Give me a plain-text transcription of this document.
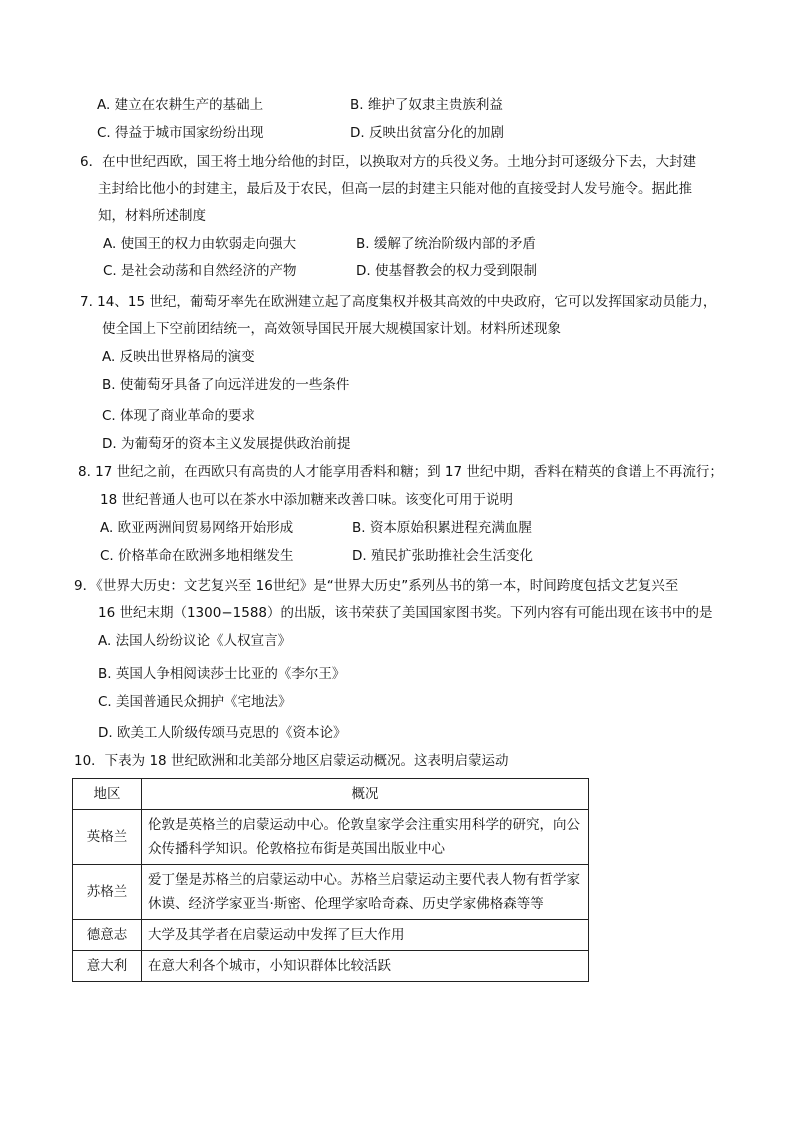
A. 建立在农耕生产的基础上	B. 维护了奴隶主贵族利益
C. 得益于城市国家纷纷出现	D. 反映出贫富分化的加剧
6．在中世纪西欧，国王将土地分给他的封臣，以换取对方的兵役义务。土地分封可逐级分下去，大封建
主封给比他小的封建主，最后及于农民，但高一层的封建主只能对他的直接受封人发号施令。据此推
知，材料所述制度
A. 使国王的权力由软弱走向强大	B. 缓解了统治阶级内部的矛盾
C. 是社会动荡和自然经济的产物	D. 使基督教会的权力受到限制
7. 14、15 世纪，葡萄牙率先在欧洲建立起了高度集权并极其高效的中央政府，它可以发挥国家动员能力，
使全国上下空前团结统一，高效领导国民开展大规模国家计划。材料所述现象
A. 反映出世界格局的演变
B. 使葡萄牙具备了向远洋进发的一些条件
C. 体现了商业革命的要求
D. 为葡萄牙的资本主义发展提供政治前提
8. 17 世纪之前，在西欧只有高贵的人才能享用香料和糖；到 17 世纪中期，香料在精英的食谱上不再流行；
18 世纪普通人也可以在茶水中添加糖来改善口味。该变化可用于说明
A. 欧亚两洲间贸易网络开始形成	B. 资本原始积累进程充满血腥
C. 价格革命在欧洲多地相继发生	D. 殖民扩张助推社会生活变化
9．《世界大历史：文艺复兴至 16世纪》是“世界大历史”系列丛书的第一本，时间跨度包括文艺复兴至
16 世纪末期（1300−1588）的出版，该书荣获了美国国家图书奖。下列内容有可能出现在该书中的是
A. 法国人纷纷议论《人权宣言》
B. 英国人争相阅读莎士比亚的《李尔王》
C. 美国普通民众拥护《宅地法》
D. 欧美工人阶级传颂马克思的《资本论》
10．下表为 18 世纪欧洲和北美部分地区启蒙运动概况。这表明启蒙运动
地区	概况
英格兰	伦敦是英格兰的启蒙运动中心。伦敦皇家学会注重实用科学的研究，向公
众传播科学知识。伦敦格拉布街是英国出版业中心
苏格兰	爱丁堡是苏格兰的启蒙运动中心。苏格兰启蒙运动主要代表人物有哲学家
休谟、经济学家亚当·斯密、伦理学家哈奇森、历史学家佛格森等等
德意志	大学及其学者在启蒙运动中发挥了巨大作用
意大利	在意大利各个城市，小知识群体比较活跃
